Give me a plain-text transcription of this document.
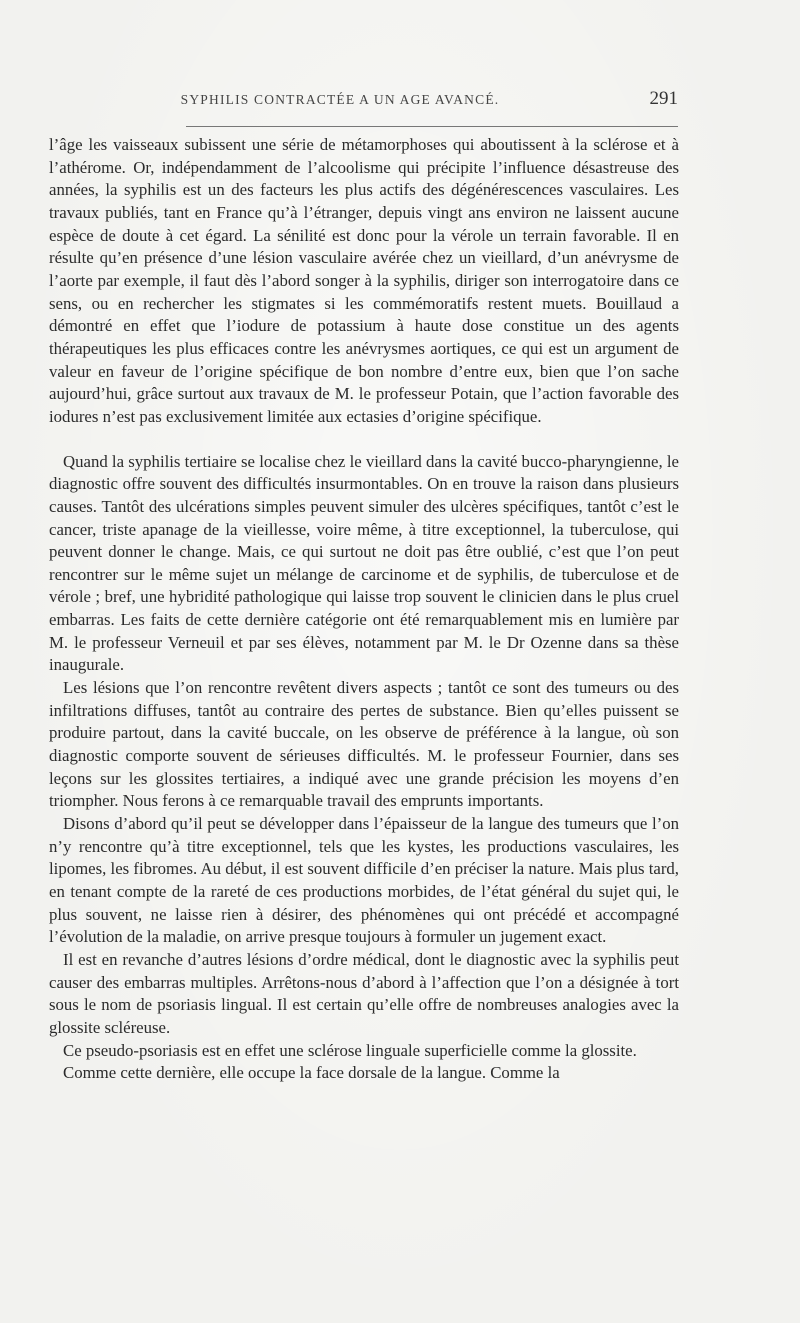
SYPHILIS CONTRACTÉE A UN AGE AVANCÉ.	291

l’âge les vaisseaux subissent une série de métamorphoses qui aboutissent à la sclérose et à l’athérome. Or, indépendamment de l’alcoolisme qui précipite l’influence désastreuse des années, la syphilis est un des facteurs les plus actifs des dégénérescences vasculaires. Les travaux publiés, tant en France qu’à l’étranger, depuis vingt ans environ ne laissent aucune espèce de doute à cet égard. La sénilité est donc pour la vérole un terrain favorable. Il en résulte qu’en présence d’une lésion vasculaire avérée chez un vieillard, d’un anévrysme de l’aorte par exemple, il faut dès l’abord songer à la syphilis, diriger son interrogatoire dans ce sens, ou en rechercher les stigmates si les commémoratifs restent muets. Bouillaud a démontré en effet que l’iodure de potassium à haute dose constitue un des agents thérapeutiques les plus efficaces contre les anévrysmes aortiques, ce qui est un argument de valeur en faveur de l’origine spécifique de bon nombre d’entre eux, bien que l’on sache aujourd’hui, grâce surtout aux travaux de M. le professeur Potain, que l’action favorable des iodures n’est pas exclusivement limitée aux ectasies d’origine spécifique.

Quand la syphilis tertiaire se localise chez le vieillard dans la cavité bucco-pharyngienne, le diagnostic offre souvent des difficultés insurmontables. On en trouve la raison dans plusieurs causes. Tantôt des ulcérations simples peuvent simuler des ulcères spécifiques, tantôt c’est le cancer, triste apanage de la vieillesse, voire même, à titre exceptionnel, la tuberculose, qui peuvent donner le change. Mais, ce qui surtout ne doit pas être oublié, c’est que l’on peut rencontrer sur le même sujet un mélange de carcinome et de syphilis, de tuberculose et de vérole ; bref, une hybridité pathologique qui laisse trop souvent le clinicien dans le plus cruel embarras. Les faits de cette dernière catégorie ont été remarquablement mis en lumière par M. le professeur Verneuil et par ses élèves, notamment par M. le Dr Ozenne dans sa thèse inaugurale.

Les lésions que l’on rencontre revêtent divers aspects ; tantôt ce sont des tumeurs ou des infiltrations diffuses, tantôt au contraire des pertes de substance. Bien qu’elles puissent se produire partout, dans la cavité buccale, on les observe de préférence à la langue, où son diagnostic comporte souvent de sérieuses difficultés. M. le professeur Fournier, dans ses leçons sur les glossites tertiaires, a indiqué avec une grande précision les moyens d’en triompher. Nous ferons à ce remarquable travail des emprunts importants.

Disons d’abord qu’il peut se développer dans l’épaisseur de la langue des tumeurs que l’on n’y rencontre qu’à titre exceptionnel, tels que les kystes, les productions vasculaires, les lipomes, les fibromes. Au début, il est souvent difficile d’en préciser la nature. Mais plus tard, en tenant compte de la rareté de ces productions morbides, de l’état général du sujet qui, le plus souvent, ne laisse rien à désirer, des phénomènes qui ont précédé et accompagné l’évolution de la maladie, on arrive presque toujours à formuler un jugement exact.

Il est en revanche d’autres lésions d’ordre médical, dont le diagnostic avec la syphilis peut causer des embarras multiples. Arrêtons-nous d’abord à l’affection que l’on a désignée à tort sous le nom de psoriasis lingual. Il est certain qu’elle offre de nombreuses analogies avec la glossite scléreuse.

Ce pseudo-psoriasis est en effet une sclérose linguale superficielle comme la glossite.

Comme cette dernière, elle occupe la face dorsale de la langue. Comme la
